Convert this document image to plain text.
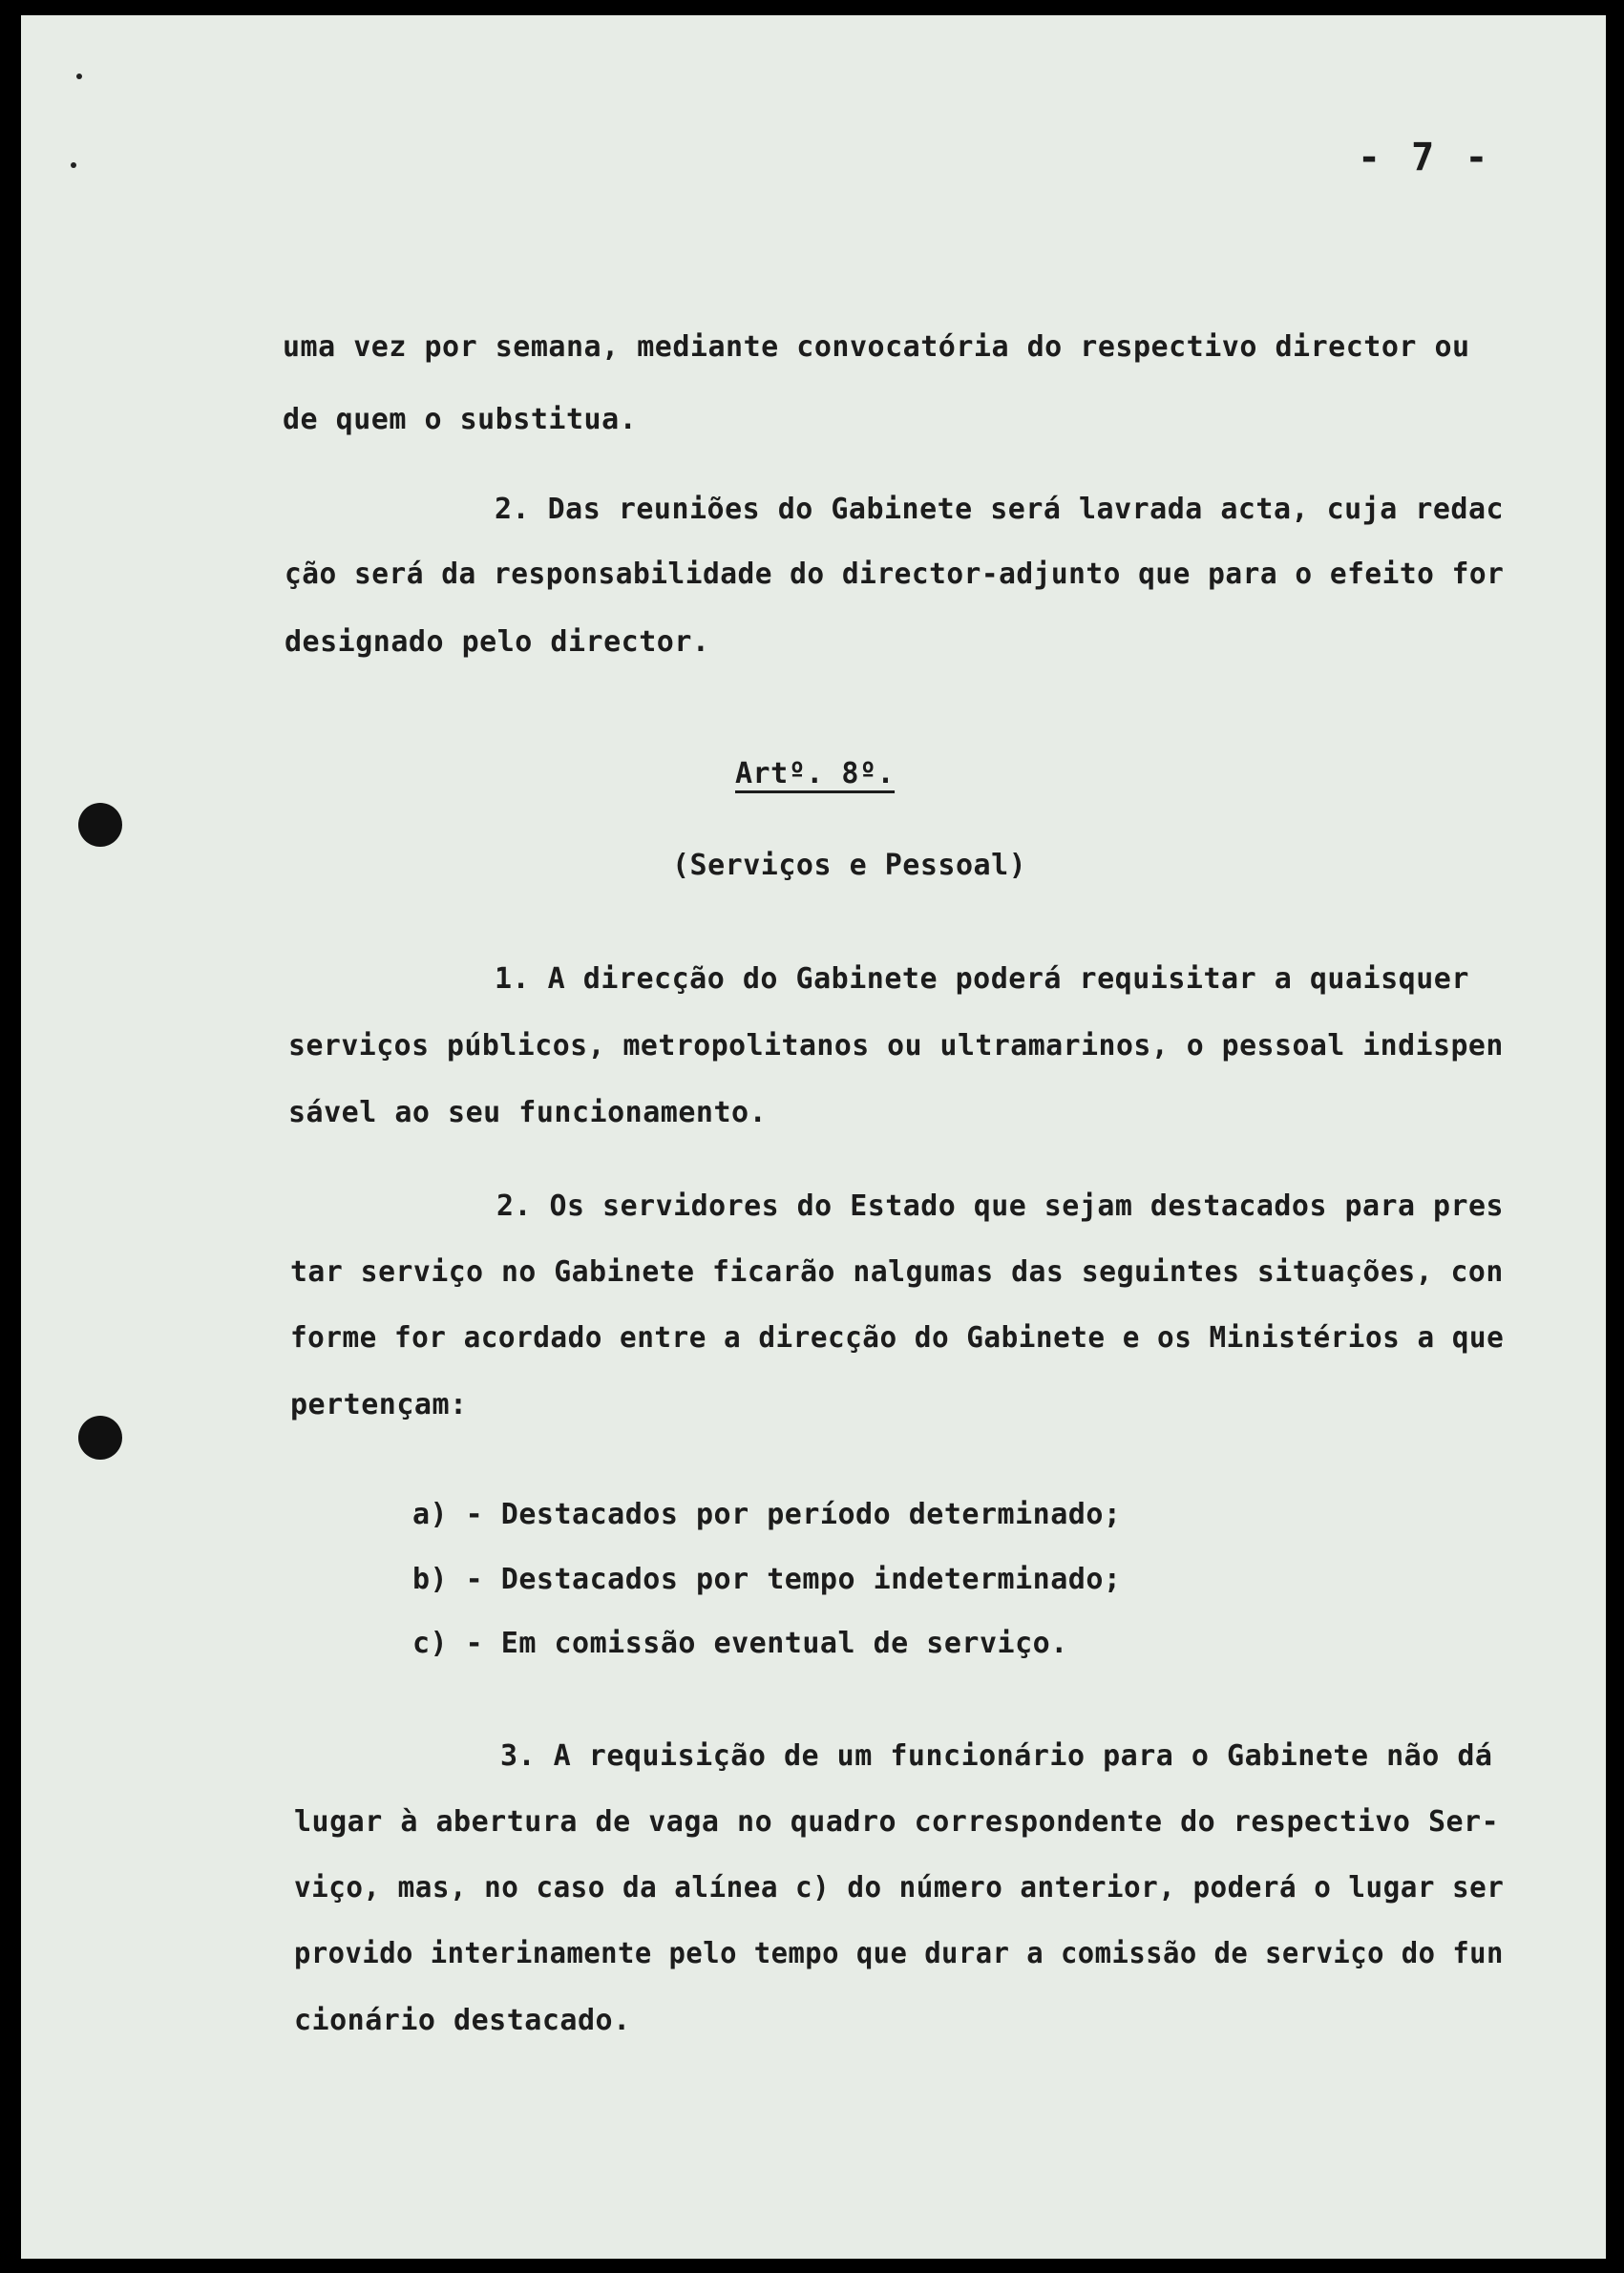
- 7 -
uma vez por semana, mediante convocatória do respectivo director ou
de quem o substitua.
2. Das reuniões do Gabinete será lavrada acta, cuja redac
ção será da responsabilidade do director-adjunto que para o efeito for
designado pelo director.
Artº. 8º.
(Serviços e Pessoal)
1. A direcção do Gabinete poderá requisitar a quaisquer
serviços públicos, metropolitanos ou ultramarinos, o pessoal indispen
sável ao seu funcionamento.
2. Os servidores do Estado que sejam destacados para pres
tar serviço no Gabinete ficarão nalgumas das seguintes situações, con
forme for acordado entre a direcção do Gabinete e os Ministérios a que
pertençam:
a) - Destacados por período determinado;
b) - Destacados por tempo indeterminado;
c) - Em comissão eventual de serviço.
3. A requisição de um funcionário para o Gabinete não dá
lugar à abertura de vaga no quadro correspondente do respectivo Ser-
viço, mas, no caso da alínea c) do número anterior, poderá o lugar ser
provido interinamente pelo tempo que durar a comissão de serviço do fun
cionário destacado.
